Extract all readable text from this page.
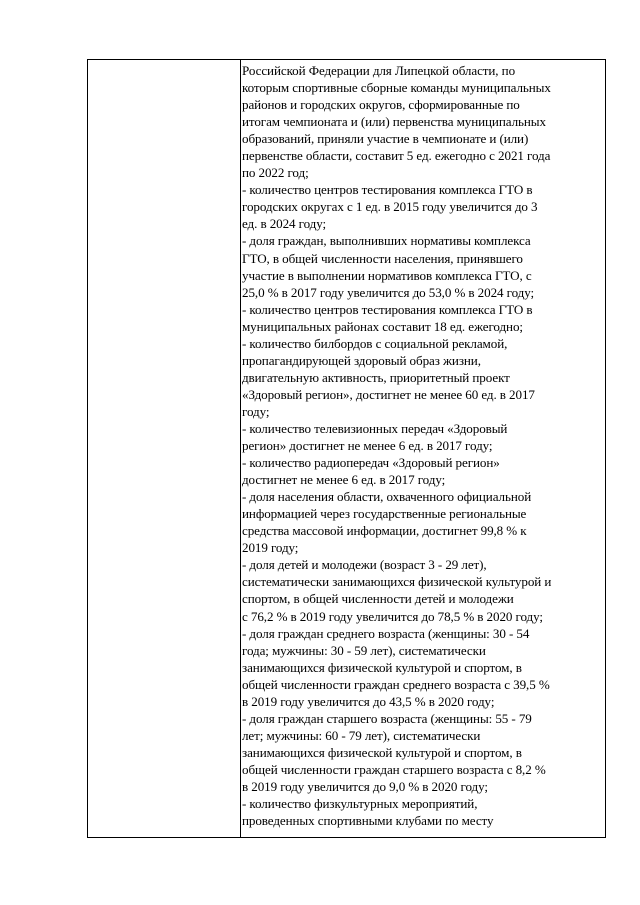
Российской Федерации для Липецкой области, по
которым спортивные сборные команды муниципальных
районов и городских округов, сформированные по
итогам чемпионата и (или) первенства муниципальных
образований, приняли участие в чемпионате и (или)
первенстве области, составит 5 ед. ежегодно с 2021 года
по 2022 год;
- количество центров тестирования комплекса ГТО в
городских округах с 1 ед. в 2015 году увеличится до 3
ед. в 2024 году;
- доля граждан, выполнивших нормативы комплекса
ГТО, в общей численности населения, принявшего
участие в выполнении нормативов комплекса ГТО, с
25,0 % в 2017 году увеличится до 53,0 % в 2024 году;
- количество центров тестирования комплекса ГТО в
муниципальных районах составит 18 ед. ежегодно;
- количество билбордов с социальной рекламой,
пропагандирующей здоровый образ жизни,
двигательную активность, приоритетный проект
«Здоровый регион», достигнет не менее 60 ед. в 2017
году;
- количество телевизионных передач «Здоровый
регион» достигнет не менее 6 ед. в 2017 году;
- количество радиопередач «Здоровый регион»
достигнет не менее 6 ед. в 2017 году;
- доля населения области, охваченного официальной
информацией через государственные региональные
средства массовой информации, достигнет 99,8 % к
2019 году;
- доля детей и молодежи (возраст 3 - 29 лет),
систематически занимающихся физической культурой и
спортом, в общей численности детей и молодежи
с 76,2 % в 2019 году увеличится до 78,5 % в 2020 году;
- доля граждан среднего возраста (женщины: 30 - 54
года; мужчины: 30 - 59 лет), систематически
занимающихся физической культурой и спортом, в
общей численности граждан среднего возраста с 39,5 %
в 2019 году увеличится до 43,5 % в 2020 году;
- доля граждан старшего возраста (женщины: 55 - 79
лет; мужчины: 60 - 79 лет), систематически
занимающихся физической культурой и спортом, в
общей численности граждан старшего возраста с 8,2 %
в 2019 году увеличится до 9,0 % в 2020 году;
- количество физкультурных мероприятий,
проведенных спортивными клубами по месту
